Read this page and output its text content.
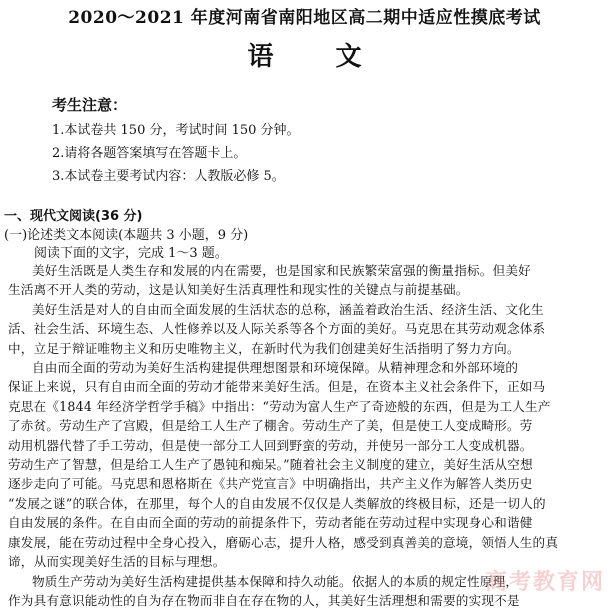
2020～2021 年度河南省南阳地区高二期中适应性摸底考试
语文
考生注意：
1.本试卷共 150 分，考试时间 150 分钟。
2.请将各题答案填写在答题卡上。
3.本试卷主要考试内容：人教版必修 5。
一、现代文阅读(36 分)
(一)论述类文本阅读(本题共 3 小题，9 分)
阅读下面的文字，完成 1～3 题。
美好生活既是人类生存和发展的内在需要，也是国家和民族繁荣富强的衡量指标。但美好
生活离不开人类的劳动，这是认知美好生活真理性和现实性的关键点与前提基础。
美好生活是对人的自由而全面发展的生活状态的总称，涵盖着政治生活、经济生活、文化生
活、社会生活、环境生态、人性修养以及人际关系等各个方面的美好。马克思在其劳动观念体系
中，立足于辩证唯物主义和历史唯物主义，在新时代为我们创建美好生活指明了努力方向。
自由而全面的劳动为美好生活构建提供理想图景和环境保障。从精神理念和外部环境的
保证上来说，只有自由而全面的劳动才能带来美好生活。但是，在资本主义社会条件下，正如马
克思在《1844 年经济学哲学手稿》中指出：“劳动为富人生产了奇迹般的东西，但是为工人生产
了赤贫。劳动生产了宫殿，但是给工人生产了棚舍。劳动生产了美，但是使工人变成畸形。劳
动用机器代替了手工劳动，但是使一部分工人回到野蛮的劳动，并使另一部分工人变成机器。
劳动生产了智慧，但是给工人生产了愚钝和痴呆。”随着社会主义制度的建立，美好生活从空想
逐步走向了可能。马克思和恩格斯在《共产党宣言》中明确指出，共产主义作为解答人类历史
“发展之谜”的联合体，在那里，每个人的自由发展不仅仅是人类解放的终极目标，还是一切人的
自由发展的条件。在自由而全面的劳动的前提条件下，劳动者能在劳动过程中实现身心和谐健
康发展，能在劳动过程中全身心投入，磨砺心志，提升人格，感受到真善美的意境，领悟人生的真
谛，从而实现美好生活的目标与理想。
物质生产劳动为美好生活构建提供基本保障和持久动能。依据人的本质的规定性原理，
作为具有意识能动性的自为存在物而非自在存在物的人，其美好生活理想和需要的实现不是
高考教育网
